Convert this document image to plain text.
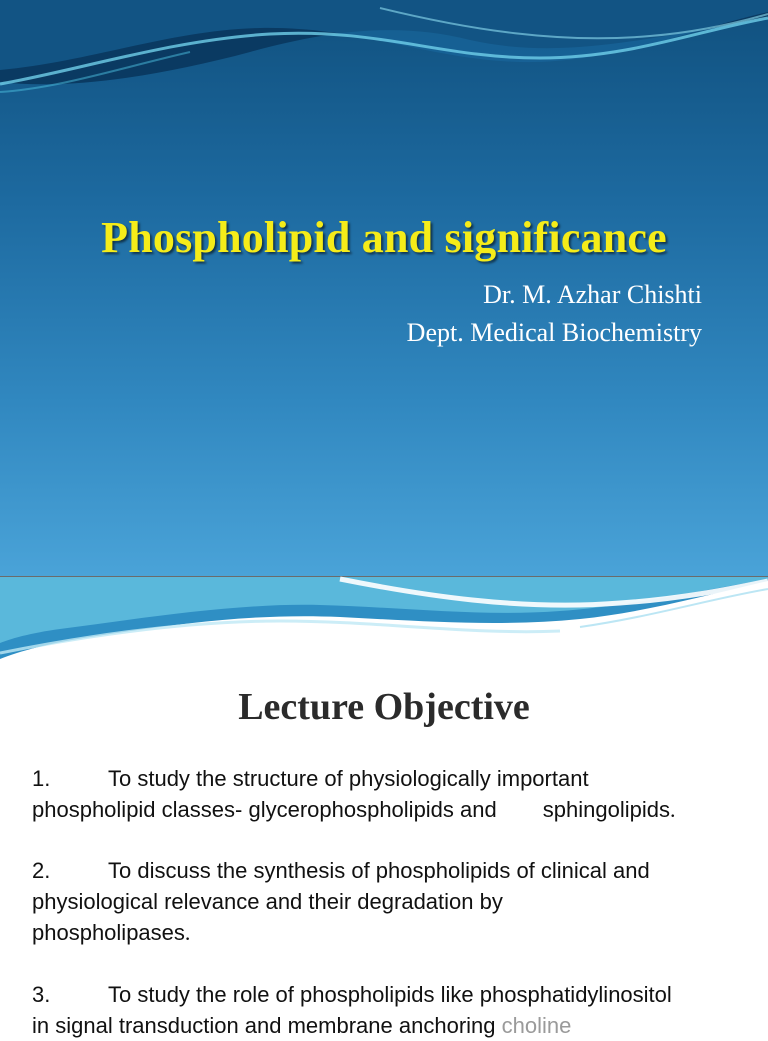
Phospholipid and significance
Dr. M. Azhar Chishti
Dept. Medical Biochemistry
Lecture Objective
1.	To study the structure of physiologically important
phospholipid classes- glycerophospholipids and sphingolipids.
2.	To discuss the synthesis of phospholipids of clinical and
physiological relevance and their degradation by
phospholipases.
3.	To study the role of phospholipids like phosphatidylinositol
in signal transduction and membrane anchoring choline
